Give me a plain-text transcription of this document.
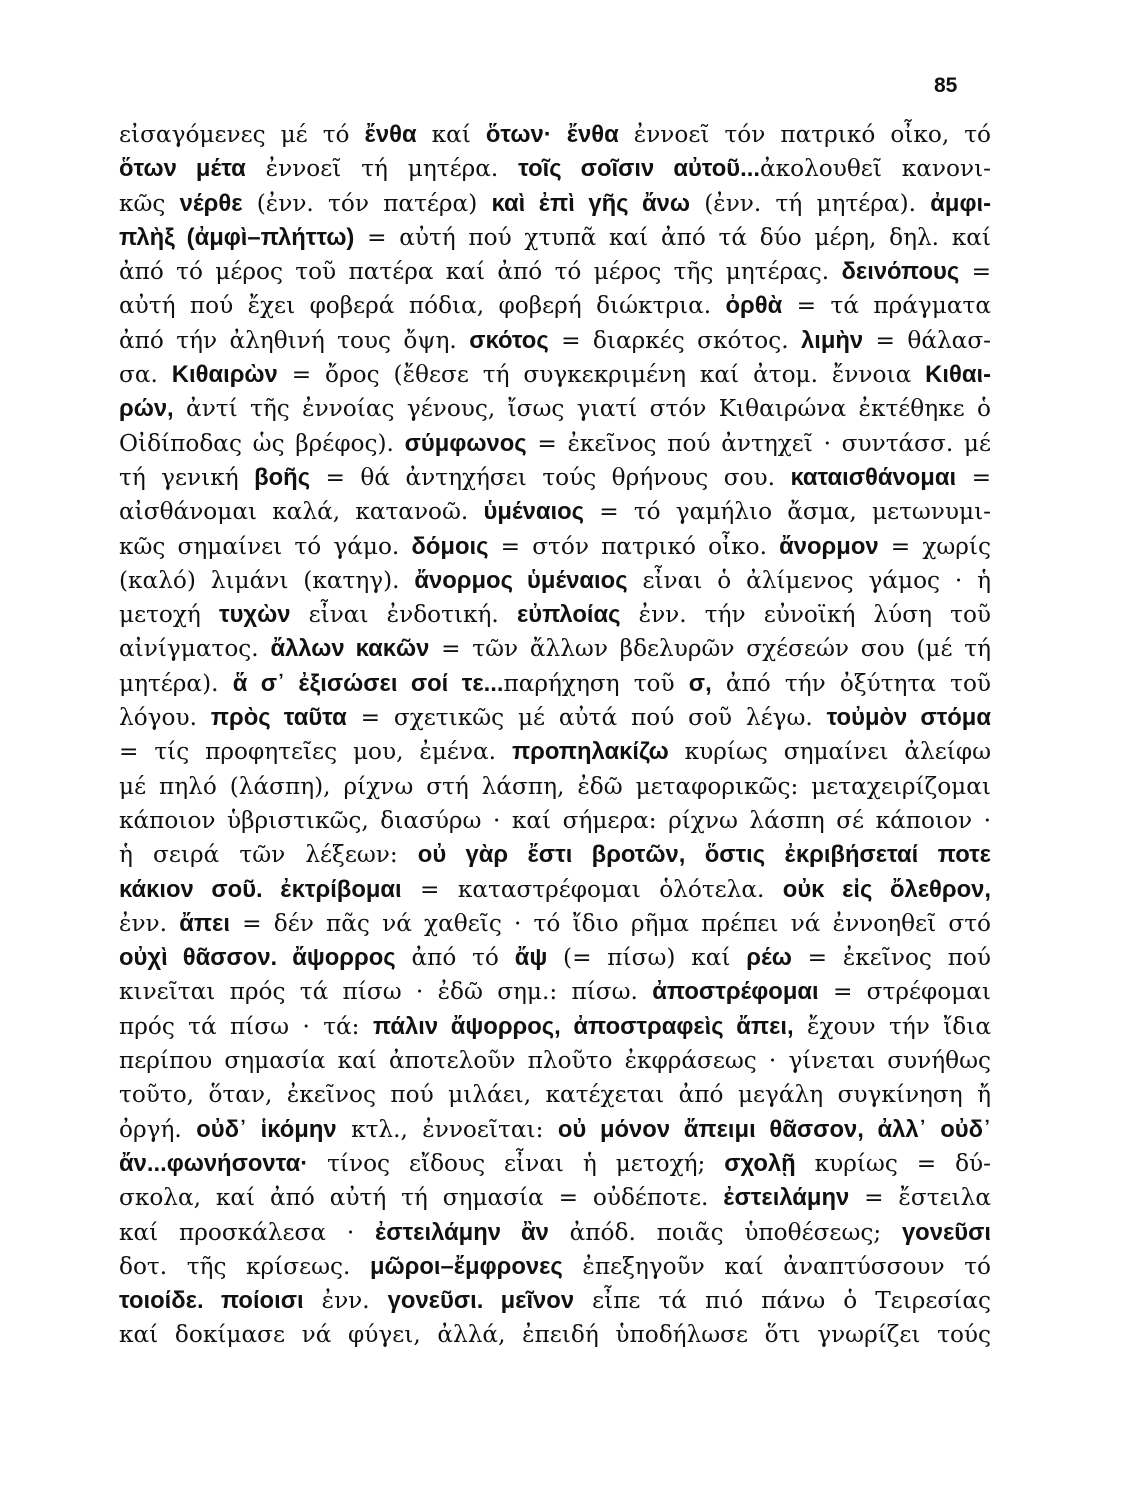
85
εἰσαγόμενες μέ τό ἔνθα καί ὅτων· ἔνθα ἐννοεῖ τόν πατρικό οἶκο, τό
ὅτων μέτα ἐννοεῖ τή μητέρα. τοῖς σοῖσιν αὐτοῦ...ἀκολουθεῖ κανονι-
κῶς νέρθε (ἐνν. τόν πατέρα) καὶ ἐπὶ γῆς ἄνω (ἐνν. τή μητέρα). ἀμφι-
πλὴξ (ἀμφὶ–πλήττω) = αὐτή πού χτυπᾶ καί ἀπό τά δύο μέρη, δηλ. καί
ἀπό τό μέρος τοῦ πατέρα καί ἀπό τό μέρος τῆς μητέρας. δεινόπους =
αὐτή πού ἔχει φοβερά πόδια, φοβερή διώκτρια. ὀρθὰ = τά πράγματα
ἀπό τήν ἀληθινή τους ὄψη. σκότος = διαρκές σκότος. λιμὴν = θάλασ-
σα. Κιθαιρὼν = ὄρος (ἔθεσε τή συγκεκριμένη καί ἀτομ. ἔννοια Κιθαι-
ρών, ἀντί τῆς ἐννοίας γένους, ἴσως γιατί στόν Κιθαιρώνα ἐκτέθηκε ὁ
Οἰδίποδας ὡς βρέφος). σύμφωνος = ἐκεῖνος πού ἀντηχεῖ · συντάσσ. μέ
τή γενική βοῆς = θά ἀντηχήσει τούς θρήνους σου. καταισθάνομαι =
αἰσθάνομαι καλά, κατανοῶ. ὑμέναιος = τό γαμήλιο ἄσμα, μετωνυμι-
κῶς σημαίνει τό γάμο. δόμοις = στόν πατρικό οἶκο. ἄνορμον = χωρίς
(καλό) λιμάνι (κατηγ). ἄνορμος ὑμέναιος εἶναι ὁ ἀλίμενος γάμος · ἡ
μετοχή τυχὼν εἶναι ἐνδοτική. εὐπλοίας ἐνν. τήν εὐνοϊκή λύση τοῦ
αἰνίγματος. ἄλλων κακῶν = τῶν ἄλλων βδελυρῶν σχέσεών σου (μέ τή
μητέρα). ἅ σ᾽ ἐξισώσει σοί τε...παρήχηση τοῦ σ, ἀπό τήν ὀξύτητα τοῦ
λόγου. πρὸς ταῦτα = σχετικῶς μέ αὐτά πού σοῦ λέγω. τοὐμὸν στόμα
= τίς προφητεῖες μου, ἐμένα. προπηλακίζω κυρίως σημαίνει ἀλείφω
μέ πηλό (λάσπη), ρίχνω στή λάσπη, ἐδῶ μεταφορικῶς: μεταχειρίζομαι
κάποιον ὑβριστικῶς, διασύρω · καί σήμερα: ρίχνω λάσπη σέ κάποιον ·
ἡ σειρά τῶν λέξεων: οὐ γὰρ ἔστι βροτῶν, ὅστις ἐκριβήσεταί ποτε
κάκιον σοῦ. ἐκτρίβομαι = καταστρέφομαι ὁλότελα. οὐκ εἰς ὄλεθρον,
ἐνν. ἄπει = δέν πᾶς νά χαθεῖς · τό ἴδιο ρῆμα πρέπει νά ἐννοηθεῖ στό
οὐχὶ θᾶσσον. ἄψορρος ἀπό τό ἄψ (= πίσω) καί ρέω = ἐκεῖνος πού
κινεῖται πρός τά πίσω · ἐδῶ σημ.: πίσω. ἀποστρέφομαι = στρέφομαι
πρός τά πίσω · τά: πάλιν ἄψορρος, ἀποστραφεὶς ἄπει, ἔχουν τήν ἴδια
περίπου σημασία καί ἀποτελοῦν πλοῦτο ἐκφράσεως · γίνεται συνήθως
τοῦτο, ὅταν, ἐκεῖνος πού μιλάει, κατέχεται ἀπό μεγάλη συγκίνηση ἤ
ὀργή. οὐδ᾽ ἱκόμην κτλ., ἐννοεῖται: οὐ μόνον ἄπειμι θᾶσσον, ἀλλ᾽ οὐδ᾽
ἄν...φωνήσοντα· τίνος εἴδους εἶναι ἡ μετοχή; σχολῇ κυρίως = δύ-
σκολα, καί ἀπό αὐτή τή σημασία = οὐδέποτε. ἐστειλάμην = ἔστειλα
καί προσκάλεσα · ἐστειλάμην ἂν ἀπόδ. ποιᾶς ὑποθέσεως; γονεῦσι
δοτ. τῆς κρίσεως. μῶροι–ἔμφρονες ἐπεξηγοῦν καί ἀναπτύσσουν τό
τοιοίδε. ποίοισι ἐνν. γονεῦσι. μεῖνον εἶπε τά πιό πάνω ὁ Τειρεσίας
καί δοκίμασε νά φύγει, ἀλλά, ἐπειδή ὑποδήλωσε ὅτι γνωρίζει τούς
